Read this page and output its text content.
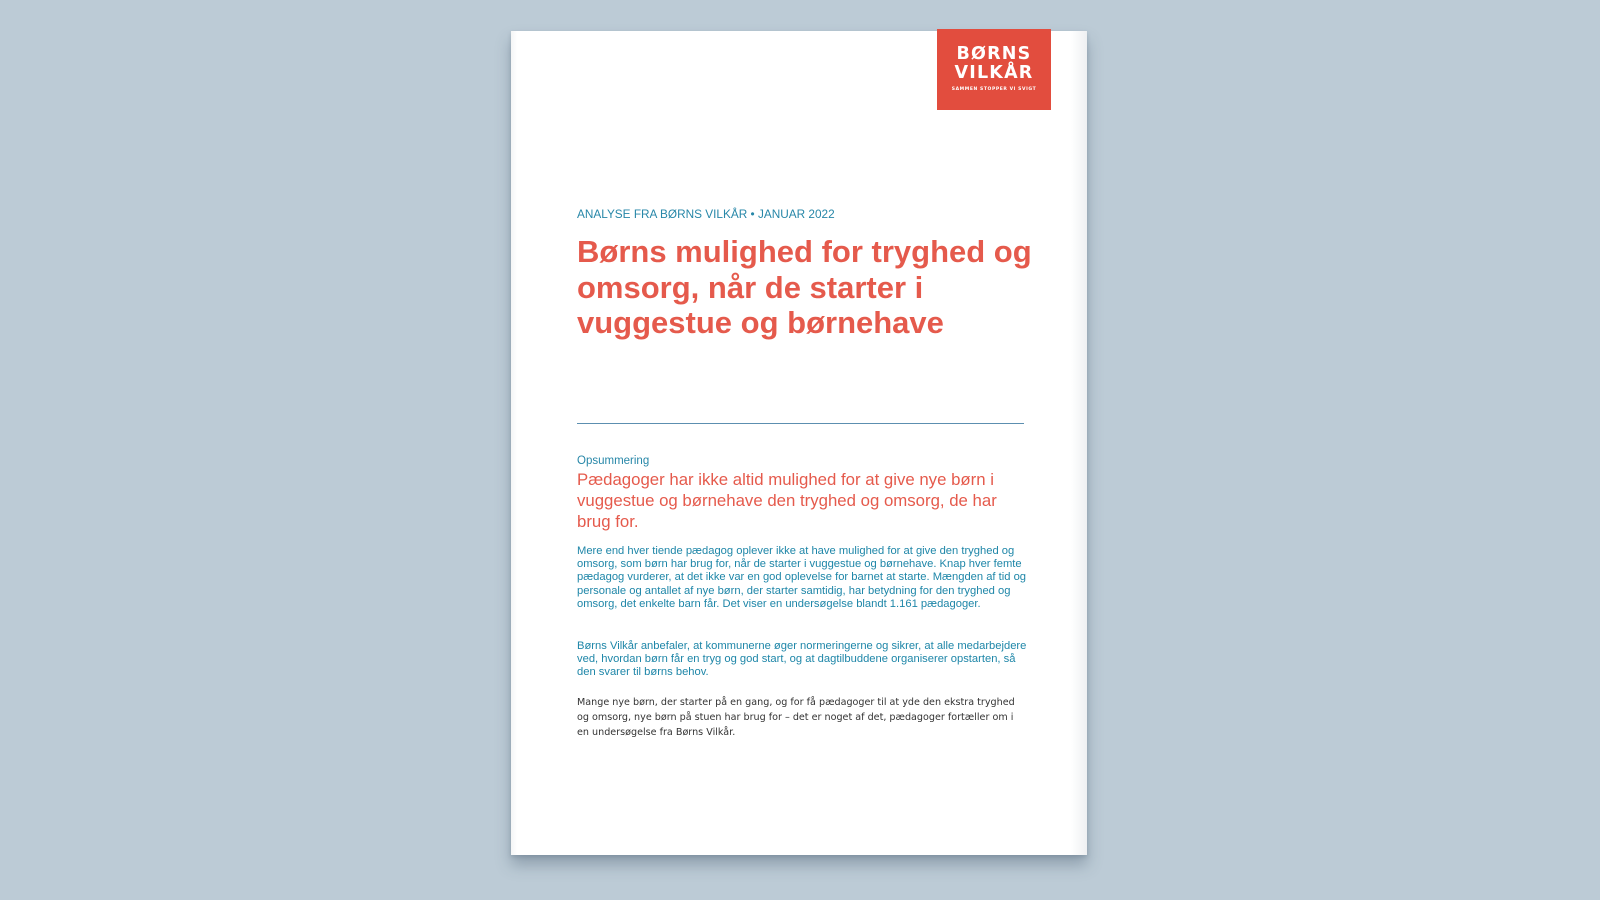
BØRNS
VILKÅR
SAMMEN STOPPER VI SVIGT
ANALYSE FRA BØRNS VILKÅR • JANUAR 2022
Børns mulighed for tryghed og omsorg, når de starter i vuggestue og børnehave
Opsummering

Pædagoger har ikke altid mulighed for at give nye børn i vuggestue og børnehave den tryghed og omsorg, de har brug for.

Mere end hver tiende pædagog oplever ikke at have mulighed for at give den tryghed og omsorg, som børn har brug for, når de starter i vuggestue og børnehave. Knap hver femte pædagog vurderer, at det ikke var en god oplevelse for barnet at starte. Mængden af tid og personale og antallet af nye børn, der starter samtidig, har betydning for den tryghed og omsorg, det enkelte barn får. Det viser en undersøgelse blandt 1.161 pædagoger.

Børns Vilkår anbefaler, at kommunerne øger normeringerne og sikrer, at alle medarbejdere ved, hvordan børn får en tryg og god start, og at dagtilbuddene organiserer opstarten, så den svarer til børns behov.

Mange nye børn, der starter på en gang, og for få pædagoger til at yde den ekstra tryghed og omsorg, nye børn på stuen har brug for – det er noget af det, pædagoger fortæller om i en undersøgelse fra Børns Vilkår.
